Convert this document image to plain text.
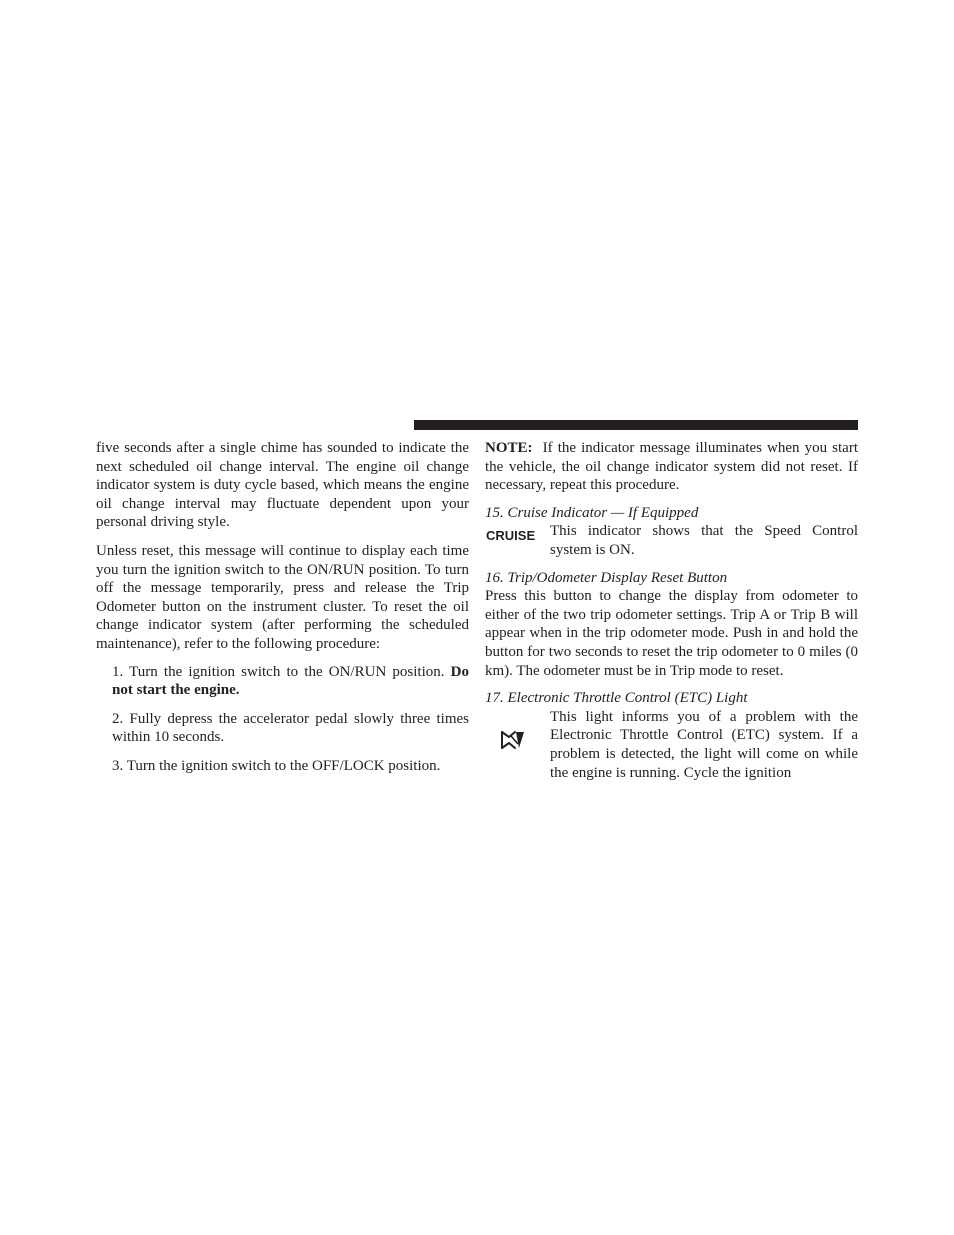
five seconds after a single chime has sounded to indicate the next scheduled oil change interval. The engine oil change indicator system is duty cycle based, which means the engine oil change interval may fluctuate dependent upon your personal driving style.

Unless reset, this message will continue to display each time you turn the ignition switch to the ON/RUN position. To turn off the message temporarily, press and release the Trip Odometer button on the instrument cluster. To reset the oil change indicator system (after performing the scheduled maintenance), refer to the following procedure:

1. Turn the ignition switch to the ON/RUN position. Do not start the engine.

2. Fully depress the accelerator pedal slowly three times within 10 seconds.

3. Turn the ignition switch to the OFF/LOCK position.

NOTE: If the indicator message illuminates when you start the vehicle, the oil change indicator system did not reset. If necessary, repeat this procedure.

15. Cruise Indicator — If Equipped

CRUISE This indicator shows that the Speed Control system is ON.

16. Trip/Odometer Display Reset Button

Press this button to change the display from odometer to either of the two trip odometer settings. Trip A or Trip B will appear when in the trip odometer mode. Push in and hold the button for two seconds to reset the trip odometer to 0 miles (0 km). The odometer must be in Trip mode to reset.

17. Electronic Throttle Control (ETC) Light

This light informs you of a problem with the Electronic Throttle Control (ETC) system. If a problem is detected, the light will come on while the engine is running. Cycle the ignition
